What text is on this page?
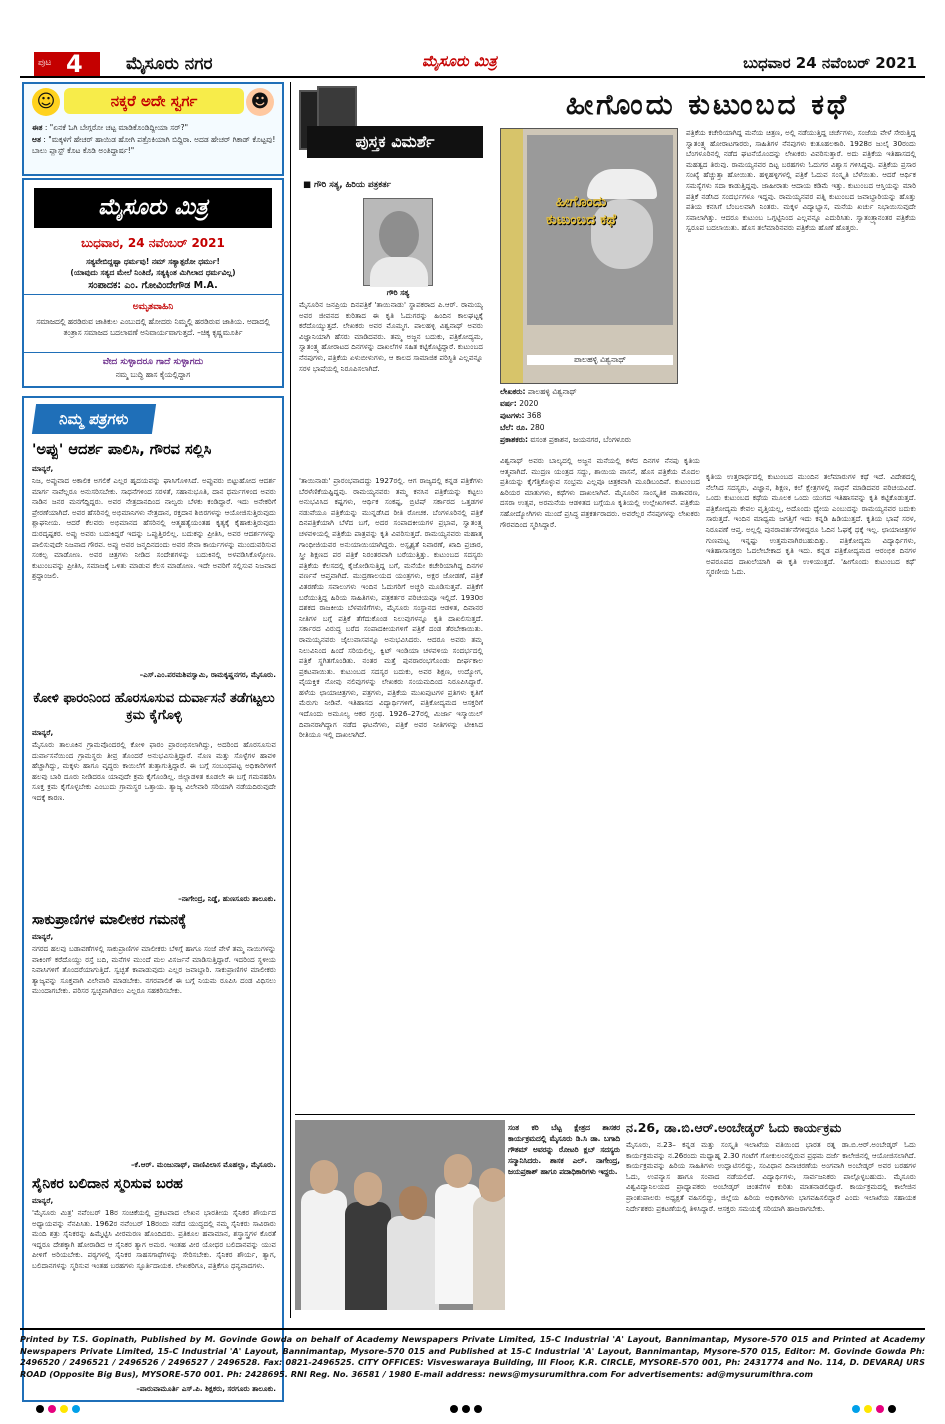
ಪುಟ 4	ಮೈಸೂರು ನಗರ	ಮೈಸೂರು ಮಿತ್ರ	ಬುಧವಾರ 24 ನವೆಂಬರ್ 2021
☺	☻
ನಕ್ಕರೆ ಅದೇ ಸ್ವರ್ಗ
ಈತ : "ಏನಕೆ ಓಗಿ ಬೇಗ್ಗರೋ ಚಟ್ಟ ಮಾಡಿಕೊಂಡಿದ್ದೀಯಾ ಸರ್?"
ಆತ : "ಮಕ್ಕಳಿಗೆ ಹೇಚರ್ ಹಾಯಿಡ ಹೋಗಿ ಪತ್ರೊಕಿಯಾಗಿ ಬಿದ್ದಿರಾ. ಅದಡ ಹೇಚರ್ ಗಿಕಾಡ್ ಕೊಟ್ಟವು! ಬಾಲು ಪ್ಲಾಸ್ಟ್ ಕೊಟ ಕೊಡಿ ಅಂತಿದ್ದಾರ್ಷ!"
ಮೈಸೂರು ಮಿತ್ರ
ಬುಧವಾರ, 24 ನವೆಂಬರ್ 2021
ಸತ್ಯವೇಬಿದ್ದಷ್ಟಾ ಧರ್ಮವು! ನಮ್ ಸತ್ಯಾತ್ಪರೋ ಧರ್ಮು!
(ಯಾವುದು ಸತ್ಯದ ಮೇಲೆ ನಿಂತಿದೆ, ಸತ್ಯಕ್ಕಿಂತ ಮಿಗಿಲಾದ ಧರ್ಮವಿಲ್ಲ)
ಸಂಪಾದಕ: ಎಂ. ಗೋವಿಂದೇಗೌಡ M.A.
ಅಮೃತವಾಹಿನಿ
ಸಮಾಜದಲ್ಲಿ ಹರಡಿರುವ ಜಾತಿಕುಲ ಎಂಬುದಲ್ಲಿ ಹೋದರು ನಿಮ್ಮಲ್ಲಿ ಹರಡಿರುವ ಜಾತಿಯ. ಅದಾದಲ್ಲಿ ತಂತ್ರಾಸ ಸಮಾಜದ ಬದಲಾವಣೆ ಅನಿವಾರ್ಯವಾಗುತ್ತದೆ. –ಚಿಕ್ಕ ಕೃಷ್ಣಮೂರ್ತಿ
ವೇದ ಸುಳ್ಳಾದರೂ ಗಾದೆ ಸುಳ್ಳಾಗದು
ನಮ್ಮ ಬುದ್ಧಿ ಹಾಸ ಕೈಯಲ್ಲಿದ್ದಾಗ
ನಿಮ್ಮ ಪತ್ರಗಳು
'ಅಪ್ಪು' ಆದರ್ಶ ಪಾಲಿಸಿ, ಗೌರವ ಸಲ್ಲಿಸಿ
ಮಾನ್ಯರೆ,
ನಿಜ, ಅಪ್ಪುವಾದ ಅಕಾಲಿಕ ಅಗಲಿಕೆ ಎಲ್ಲರ ಹೃದಯವನ್ನು ಘಾಸಿಗೊಳಿಸಿದೆ. ಅಪ್ಪುವರು ಬಿಟ್ಟುಹೋದ ಆದರ್ಶ ಮಾರ್ಗ ನಾವೆಲ್ಲರೂ ಅನುಸರಿಸಬೇಕು. ಸಾಧನೆಗಳಿಂದ ಸರಳತೆ, ಸಹಾನುಭೂತಿ, ದಾನ ಧರ್ಮಗಳಿಂದ ಅವರು ನಾಡಿನ ಜನರ ಮನಗೆದ್ದಿದ್ದರು. ಅವರ ನೇತ್ರದಾನದಿಂದ ನಾಲ್ವರು ಬೆಳಕು ಕಂಡಿದ್ದಾರೆ. ಇದು ಅನೇಕರಿಗೆ ಪ್ರೇರಣೆಯಾಗಿದೆ. ಅವರ ಹೆಸರಿನಲ್ಲಿ ಅಭಿಮಾನಿಗಳು ನೇತ್ರದಾನ, ರಕ್ತದಾನ ಶಿಬಿರಗಳನ್ನು ಆಯೋಜಿಸುತ್ತಿರುವುದು ಶ್ಲಾಘನೀಯ. ಆದರೆ ಕೆಲವರು ಅಭಿಮಾನದ ಹೆಸರಿನಲ್ಲಿ ಆತ್ಮಹತ್ಯೆಯಂತಹ ಕೃತ್ಯಕ್ಕೆ ಕೈಹಾಕುತ್ತಿರುವುದು ದುರದೃಷ್ಟಕರ. ಅಪ್ಪು ಅವರು ಬದುಕಿದ್ದರೆ ಇದನ್ನು ಒಪ್ಪುತ್ತಿರಲಿಲ್ಲ. ಬದುಕನ್ನು ಪ್ರೀತಿಸಿ, ಅವರ ಆದರ್ಶಗಳನ್ನು ಪಾಲಿಸುವುದೇ ನಿಜವಾದ ಗೌರವ. ಅಪ್ಪು ಅವರ ಜನ್ಮದಿನದಂದು ಅವರ ಸೇವಾ ಕಾರ್ಯಗಳನ್ನು ಮುಂದುವರಿಸುವ ಸಂಕಲ್ಪ ಮಾಡೋಣ. ಅವರ ಚಿತ್ರಗಳು ನೀಡಿದ ಸಂದೇಶಗಳನ್ನು ಬದುಕಿನಲ್ಲಿ ಅಳವಡಿಸಿಕೊಳ್ಳೋಣ. ಕುಟುಂಬವನ್ನು ಪ್ರೀತಿಸಿ, ಸಮಾಜಕ್ಕೆ ಒಳಿತು ಮಾಡುವ ಕೆಲಸ ಮಾಡೋಣ. ಇದೇ ಅವರಿಗೆ ಸಲ್ಲಿಸುವ ನಿಜವಾದ ಶ್ರದ್ಧಾಂಜಲಿ.
–ಎಸ್.ಎಂ.ಪರಮಶಿವಸ್ವಾಮಿ, ರಾಮಕೃಷ್ಣನಗರ, ಮೈಸೂರು.
ಕೋಳಿ ಫಾರಂನಿಂದ ಹೊರಸೂಸುವ ದುರ್ವಾಸನೆ ತಡೆಗಟ್ಟಲು ಕ್ರಮ ಕೈಗೊಳ್ಳಿ
ಮಾನ್ಯರೆ,
ಮೈಸೂರು ತಾಲೂಕಿನ ಗ್ರಾಮವೊಂದರಲ್ಲಿ ಕೋಳಿ ಫಾರಂ ಪ್ರಾರಂಭಿಸಲಾಗಿದ್ದು, ಅದರಿಂದ ಹೊರಸೂಸುವ ದುರ್ವಾಸನೆಯಿಂದ ಗ್ರಾಮಸ್ಥರು ತೀವ್ರ ತೊಂದರೆ ಅನುಭವಿಸುತ್ತಿದ್ದಾರೆ. ನೊಣ ಮತ್ತು ಸೊಳ್ಳೆಗಳ ಹಾವಳಿ ಹೆಚ್ಚಾಗಿದ್ದು, ಮಕ್ಕಳು ಹಾಗೂ ವೃದ್ಧರು ಕಾಯಿಲೆಗೆ ತುತ್ತಾಗುತ್ತಿದ್ದಾರೆ. ಈ ಬಗ್ಗೆ ಸಂಬಂಧಪಟ್ಟ ಅಧಿಕಾರಿಗಳಿಗೆ ಹಲವು ಬಾರಿ ದೂರು ನೀಡಿದರೂ ಯಾವುದೇ ಕ್ರಮ ಕೈಗೊಂಡಿಲ್ಲ. ಜಿಲ್ಲಾಡಳಿತ ಕೂಡಲೇ ಈ ಬಗ್ಗೆ ಗಮನಹರಿಸಿ ಸೂಕ್ತ ಕ್ರಮ ಕೈಗೊಳ್ಳಬೇಕು ಎಂಬುದು ಗ್ರಾಮಸ್ಥರ ಒತ್ತಾಯ. ತ್ಯಾಜ್ಯ ವಿಲೇವಾರಿ ಸರಿಯಾಗಿ ನಡೆಯದಿರುವುದೇ ಇದಕ್ಕೆ ಕಾರಣ.
–ನಾಗೇಂದ್ರ, ನಿಡ್ಡೆ, ಹುಣಸೂರು ತಾಲೂಕು.
ಸಾಕುಪ್ರಾಣಿಗಳ ಮಾಲೀಕರ ಗಮನಕ್ಕೆ
ಮಾನ್ಯರೆ,
ನಗರದ ಹಲವು ಬಡಾವಣೆಗಳಲ್ಲಿ ಸಾಕುಪ್ರಾಣಿಗಳ ಮಾಲೀಕರು ಬೆಳಿಗ್ಗೆ ಹಾಗೂ ಸಂಜೆ ವೇಳೆ ತಮ್ಮ ನಾಯಿಗಳನ್ನು ವಾಕಿಂಗ್ ಕರೆದೊಯ್ದು ರಸ್ತೆ ಬದಿ, ಮನೆಗಳ ಮುಂದೆ ಮಲ ವಿಸರ್ಜನೆ ಮಾಡಿಸುತ್ತಿದ್ದಾರೆ. ಇದರಿಂದ ಸ್ಥಳೀಯ ನಿವಾಸಿಗಳಿಗೆ ತೊಂದರೆಯಾಗುತ್ತಿದೆ. ಸ್ವಚ್ಛತೆ ಕಾಪಾಡುವುದು ಎಲ್ಲರ ಜವಾಬ್ದಾರಿ. ಸಾಕುಪ್ರಾಣಿಗಳ ಮಾಲೀಕರು ತ್ಯಾಜ್ಯವನ್ನು ಸೂಕ್ತವಾಗಿ ವಿಲೇವಾರಿ ಮಾಡಬೇಕು. ನಗರಪಾಲಿಕೆ ಈ ಬಗ್ಗೆ ನಿಯಮ ರೂಪಿಸಿ ದಂಡ ವಿಧಿಸಲು ಮುಂದಾಗಬೇಕು. ಪರಿಸರ ಸ್ವಚ್ಛವಾಗಿಡಲು ಎಲ್ಲರೂ ಸಹಕರಿಸಬೇಕು.
–ಕೆ.ಆರ್. ಮಂಜುನಾಥ್, ವಾಣಿವಿಲಾಸ ಮೊಹಲ್ಲಾ, ಮೈಸೂರು.
ಸೈನಿಕರ ಬಲಿದಾನ ಸ್ಮರಿಸುವ ಬರಹ
ಮಾನ್ಯರೆ,
'ಮೈಸೂರು ಮಿತ್ರ' ನವೆಂಬರ್ 18ರ ಸಂಚಿಕೆಯಲ್ಲಿ ಪ್ರಕಟವಾದ ಲೇಖನ ಭಾರತೀಯ ಸೈನಿಕರ ಶೌರ್ಯದ ಅಧ್ಯಾಯವನ್ನು ನೆನಪಿಸಿತು. 1962ರ ನವೆಂಬರ್ 18ರಂದು ನಡೆದ ಯುದ್ಧದಲ್ಲಿ ನಮ್ಮ ಸೈನಿಕರು ಸಾವಿರಾರು ಮಂದಿ ಶತ್ರು ಸೈನಿಕರನ್ನು ಹಿಮ್ಮೆಟ್ಟಿಸಿ ವೀರಮರಣ ಹೊಂದಿದರು. ಪ್ರತಿಕೂಲ ಹವಾಮಾನ, ಶಸ್ತ್ರಾಸ್ತ್ರಗಳ ಕೊರತೆ ಇದ್ದರೂ ದೇಶಕ್ಕಾಗಿ ಹೋರಾಡಿದ ಆ ಸೈನಿಕರ ತ್ಯಾಗ ಅಮರ. ಇಂತಹ ವೀರ ಯೋಧರ ಬಲಿದಾನವನ್ನು ಯುವ ಪೀಳಿಗೆ ಅರಿಯಬೇಕು. ಪಠ್ಯಗಳಲ್ಲಿ ಸೈನಿಕರ ಸಾಹಸಗಾಥೆಗಳನ್ನು ಸೇರಿಸಬೇಕು. ಸೈನಿಕರ ಶೌರ್ಯ, ತ್ಯಾಗ, ಬಲಿದಾನಗಳನ್ನು ಸ್ಮರಿಸುವ ಇಂತಹ ಬರಹಗಳು ಸ್ಫೂರ್ತಿದಾಯಕ. ಲೇಖಕರಿಗೂ, ಪತ್ರಿಕೆಗೂ ಧನ್ಯವಾದಗಳು.
–ಪಾರುವಾಮೂರ್ತಿ ಎಸ್.ಪಿ. ಶಿಕ್ಷಕರು, ಸರಗೂರು ತಾಲೂಕು.
ಪುಸ್ತಕ ವಿಮರ್ಶೆ
■ ಗೌರಿ ಸತ್ಯ, ಹಿರಿಯ ಪತ್ರಕರ್ತ
ಗೌರಿ ಸತ್ಯ
ಮೈಸೂರಿನ ಜನಪ್ರಿಯ ದಿನಪತ್ರಿಕೆ 'ತಾಯಿನಾಡು' ಸ್ಥಾಪಕರಾದ ಪಿ.ಆರ್. ರಾಮಯ್ಯ ಅವರ ಜೀವನದ ಕುರಿತಾದ ಈ ಕೃತಿ ಓದುಗರನ್ನು ಹಿಂದಿನ ಕಾಲಘಟ್ಟಕ್ಕೆ ಕರೆದೊಯ್ಯುತ್ತದೆ. ಲೇಖಕರು ಅವರ ಮೊಮ್ಮಗ. ಪಾಲಹಳ್ಳಿ ವಿಶ್ವನಾಥ್ ಅವರು ವಿಜ್ಞಾನಿಯಾಗಿ ಹೆಸರು ಮಾಡಿದವರು. ತಮ್ಮ ಅಜ್ಜನ ಬದುಕು, ಪತ್ರಿಕೋದ್ಯಮ, ಸ್ವಾತಂತ್ರ್ಯ ಹೋರಾಟದ ದಿನಗಳನ್ನು ದಾಖಲೆಗಳ ಸಹಿತ ಕಟ್ಟಿಕೊಟ್ಟಿದ್ದಾರೆ. ಕುಟುಂಬದ ನೆನಪುಗಳು, ಪತ್ರಿಕೆಯ ಏಳುಬೀಳುಗಳು, ಆ ಕಾಲದ ಸಾಮಾಜಿಕ ಪರಿಸ್ಥಿತಿ ಎಲ್ಲವನ್ನೂ ಸರಳ ಭಾಷೆಯಲ್ಲಿ ನಿರೂಪಿಸಲಾಗಿದೆ.
'ತಾಯಿನಾಡು' ಪ್ರಾರಂಭವಾದದ್ದು 1927ರಲ್ಲಿ. ಆಗ ರಾಜ್ಯದಲ್ಲಿ ಕನ್ನಡ ಪತ್ರಿಕೆಗಳು ಬೆರಳೆಣಿಕೆಯಷ್ಟಿದ್ದವು. ರಾಮಯ್ಯನವರು ತಮ್ಮ ಕನಸಿನ ಪತ್ರಿಕೆಯನ್ನು ಕಟ್ಟಲು ಅನುಭವಿಸಿದ ಕಷ್ಟಗಳು, ಆರ್ಥಿಕ ಸಂಕಷ್ಟ, ಬ್ರಿಟಿಷ್ ಸರ್ಕಾರದ ಒತ್ತಡಗಳ ನಡುವೆಯೂ ಪತ್ರಿಕೆಯನ್ನು ಮುನ್ನಡೆಸಿದ ರೀತಿ ರೋಚಕ. ಬೆಂಗಳೂರಿನಲ್ಲಿ ಪತ್ರಿಕೆ ದಿನಪತ್ರಿಕೆಯಾಗಿ ಬೆಳೆದ ಬಗೆ, ಅದರ ಸಂಪಾದಕೀಯಗಳ ಪ್ರಭಾವ, ಸ್ವಾತಂತ್ರ್ಯ ಚಳವಳಿಯಲ್ಲಿ ಪತ್ರಿಕೆಯ ಪಾತ್ರವನ್ನು ಕೃತಿ ವಿವರಿಸುತ್ತದೆ. ರಾಮಯ್ಯನವರು ಮಹಾತ್ಮ ಗಾಂಧೀಜಿಯವರ ಅನುಯಾಯಿಯಾಗಿದ್ದರು. ಅಸ್ಪೃಶ್ಯತೆ ನಿವಾರಣೆ, ಖಾದಿ ಪ್ರಚಾರ, ಸ್ತ್ರೀ ಶಿಕ್ಷಣದ ಪರ ಪತ್ರಿಕೆ ನಿರಂತರವಾಗಿ ಬರೆಯುತ್ತಿತ್ತು. ಕುಟುಂಬದ ಸದಸ್ಯರು ಪತ್ರಿಕೆಯ ಕೆಲಸದಲ್ಲಿ ಕೈಜೋಡಿಸುತ್ತಿದ್ದ ಬಗೆ, ಮನೆಯೇ ಕಚೇರಿಯಾಗಿದ್ದ ದಿನಗಳ ವರ್ಣನೆ ಆಪ್ತವಾಗಿದೆ. ಮುದ್ರಣಾಲಯದ ಯಂತ್ರಗಳು, ಅಕ್ಷರ ಜೋಡಣೆ, ಪತ್ರಿಕೆ ವಿತರಣೆಯ ಸವಾಲುಗಳು ಇಂದಿನ ಓದುಗರಿಗೆ ಅಚ್ಚರಿ ಮೂಡಿಸುತ್ತವೆ. ಪತ್ರಿಕೆಗೆ ಬರೆಯುತ್ತಿದ್ದ ಹಿರಿಯ ಸಾಹಿತಿಗಳು, ಪತ್ರಕರ್ತರ ಪರಿಚಯವೂ ಇಲ್ಲಿದೆ. 1930ರ ದಶಕದ ರಾಜಕೀಯ ಬೆಳವಣಿಗೆಗಳು, ಮೈಸೂರು ಸಂಸ್ಥಾನದ ಆಡಳಿತ, ದಿವಾನರ ನೀತಿಗಳ ಬಗ್ಗೆ ಪತ್ರಿಕೆ ತೆಗೆದುಕೊಂಡ ನಿಲುವುಗಳನ್ನೂ ಕೃತಿ ದಾಖಲಿಸುತ್ತದೆ. ಸರ್ಕಾರದ ವಿರುದ್ಧ ಬರೆದ ಸಂಪಾದಕೀಯಗಳಿಗೆ ಪತ್ರಿಕೆ ದಂಡ ತೆರಬೇಕಾಯಿತು. ರಾಮಯ್ಯನವರು ಜೈಲುವಾಸವನ್ನೂ ಅನುಭವಿಸಿದರು. ಆದರೂ ಅವರು ತಮ್ಮ ನಿಲುವಿನಿಂದ ಹಿಂದೆ ಸರಿಯಲಿಲ್ಲ. ಕ್ವಿಟ್ ಇಂಡಿಯಾ ಚಳವಳಿಯ ಸಂದರ್ಭದಲ್ಲಿ ಪತ್ರಿಕೆ ಸ್ಥಗಿತಗೊಂಡಿತು. ನಂತರ ಮತ್ತೆ ಪುನರಾರಂಭಗೊಂಡು ದೀರ್ಘಕಾಲ ಪ್ರಕಟವಾಯಿತು. ಕುಟುಂಬದ ಸದಸ್ಯರ ಬದುಕು, ಅವರ ಶಿಕ್ಷಣ, ಉದ್ಯೋಗ, ವೈಯಕ್ತಿಕ ನೋವು ನಲಿವುಗಳನ್ನು ಲೇಖಕರು ಸಂಯಮದಿಂದ ನಿರೂಪಿಸಿದ್ದಾರೆ. ಹಳೆಯ ಛಾಯಾಚಿತ್ರಗಳು, ಪತ್ರಗಳು, ಪತ್ರಿಕೆಯ ಮುಖಪುಟಗಳ ಪ್ರತಿಗಳು ಕೃತಿಗೆ ಮೆರುಗು ನೀಡಿವೆ. ಇತಿಹಾಸದ ವಿದ್ಯಾರ್ಥಿಗಳಿಗೆ, ಪತ್ರಿಕೋದ್ಯಮದ ಆಸಕ್ತರಿಗೆ ಇದೊಂದು ಅಮೂಲ್ಯ ಆಕರ ಗ್ರಂಥ. 1926–27ರಲ್ಲಿ ಮಿರ್ಜಾ ಇಸ್ಮಾಯಿಲ್ ದಿವಾನರಾಗಿದ್ದಾಗ ನಡೆದ ಘಟನೆಗಳು, ಪತ್ರಿಕೆ ಅವರ ನೀತಿಗಳನ್ನು ಟೀಕಿಸಿದ ರೀತಿಯೂ ಇಲ್ಲಿ ದಾಖಲಾಗಿದೆ.
ಹೀಗೊಂದು ಕುಟುಂಬದ ಕಥೆ
ಹೀಗೊಂದು ಕುಟುಂಬದ ಕಥೆ
ಪಾಲಹಳ್ಳಿ ವಿಶ್ವನಾಥ್
ಲೇಖಕರು: ಪಾಲಹಳ್ಳಿ ವಿಶ್ವನಾಥ್
ವರ್ಷ: 2020
ಪುಟಗಳು: 368
ಬೆಲೆ: ರೂ. 280
ಪ್ರಕಾಶಕರು: ವಸಂತ ಪ್ರಕಾಶನ, ಜಯನಗರ, ಬೆಂಗಳೂರು
ಪತ್ರಿಕೆಯ ಕಚೇರಿಯಾಗಿದ್ದ ಮನೆಯ ಚಿತ್ರಣ, ಅಲ್ಲಿ ನಡೆಯುತ್ತಿದ್ದ ಚರ್ಚೆಗಳು, ಸಂಜೆಯ ವೇಳೆ ಸೇರುತ್ತಿದ್ದ ಸ್ವಾತಂತ್ರ್ಯ ಹೋರಾಟಗಾರರು, ಸಾಹಿತಿಗಳ ನೆನಪುಗಳು ಕುತೂಹಲಕಾರಿ. 1928ರ ಜುಲೈ 30ರಂದು ಬೆಂಗಳೂರಿನಲ್ಲಿ ನಡೆದ ಘಟನೆಯೊಂದನ್ನು ಲೇಖಕರು ವಿವರಿಸುತ್ತಾರೆ. ಅದು ಪತ್ರಿಕೆಯ ಇತಿಹಾಸದಲ್ಲಿ ಮಹತ್ವದ ತಿರುವು. ರಾಮಯ್ಯನವರ ದಿಟ್ಟ ಬರಹಗಳು ಓದುಗರ ವಿಶ್ವಾಸ ಗಳಿಸಿದ್ದವು. ಪತ್ರಿಕೆಯ ಪ್ರಸಾರ ಸಂಖ್ಯೆ ಹೆಚ್ಚುತ್ತಾ ಹೋಯಿತು. ಹಳ್ಳಿಹಳ್ಳಿಗಳಲ್ಲಿ ಪತ್ರಿಕೆ ಓದುವ ಸಂಸ್ಕೃತಿ ಬೆಳೆಯಿತು. ಆದರೆ ಆರ್ಥಿಕ ಸಮಸ್ಯೆಗಳು ಸದಾ ಕಾಡುತ್ತಿದ್ದವು. ಜಾಹೀರಾತು ಆದಾಯ ಕಡಿಮೆ ಇತ್ತು. ಕುಟುಂಬದ ಆಸ್ತಿಯನ್ನು ಮಾರಿ ಪತ್ರಿಕೆ ನಡೆಸಿದ ಸಂದರ್ಭಗಳೂ ಇದ್ದವು. ರಾಮಯ್ಯನವರ ಪತ್ನಿ ಕುಟುಂಬದ ಜವಾಬ್ದಾರಿಯನ್ನು ಹೊತ್ತು ಪತಿಯ ಕನಸಿಗೆ ಬೆಂಬಲವಾಗಿ ನಿಂತರು. ಮಕ್ಕಳ ವಿದ್ಯಾಭ್ಯಾಸ, ಮನೆಯ ಖರ್ಚು ನಿಭಾಯಿಸುವುದೇ ಸವಾಲಾಗಿತ್ತು. ಆದರೂ ಕುಟುಂಬ ಒಗ್ಗಟ್ಟಿನಿಂದ ಎಲ್ಲವನ್ನೂ ಎದುರಿಸಿತು. ಸ್ವಾತಂತ್ರ್ಯಾನಂತರ ಪತ್ರಿಕೆಯ ಸ್ವರೂಪ ಬದಲಾಯಿತು. ಹೊಸ ತಲೆಮಾರಿನವರು ಪತ್ರಿಕೆಯ ಹೊಣೆ ಹೊತ್ತರು.
ವಿಶ್ವನಾಥ್ ಅವರು ಬಾಲ್ಯದಲ್ಲಿ ಅಜ್ಜನ ಮನೆಯಲ್ಲಿ ಕಳೆದ ದಿನಗಳ ನೆನಪು ಕೃತಿಯ ಆತ್ಮವಾಗಿದೆ. ಮುದ್ರಣ ಯಂತ್ರದ ಸದ್ದು, ಶಾಯಿಯ ವಾಸನೆ, ಹೊಸ ಪತ್ರಿಕೆಯ ಮೊದಲ ಪ್ರತಿಯನ್ನು ಕೈಗೆತ್ತಿಕೊಳ್ಳುವ ಸಂಭ್ರಮ ಎಲ್ಲವೂ ಚಿತ್ರಕವಾಗಿ ಮೂಡಿಬಂದಿವೆ. ಕುಟುಂಬದ ಹಿರಿಯರ ಮಾತುಗಳು, ಕಥೆಗಳು ದಾಖಲಾಗಿವೆ. ಮೈಸೂರಿನ ಸಾಂಸ್ಕೃತಿಕ ವಾತಾವರಣ, ದಸರಾ ಉತ್ಸವ, ಅರಮನೆಯ ಆಡಳಿತದ ಬಗ್ಗೆಯೂ ಕೃತಿಯಲ್ಲಿ ಉಲ್ಲೇಖಗಳಿವೆ. ಪತ್ರಿಕೆಯ ಸಹೋದ್ಯೋಗಿಗಳು ಮುಂದೆ ಪ್ರಸಿದ್ಧ ಪತ್ರಕರ್ತರಾದರು. ಅವರೆಲ್ಲರ ನೆನಪುಗಳನ್ನು ಲೇಖಕರು ಗೌರವದಿಂದ ಸ್ಮರಿಸಿದ್ದಾರೆ.
ಕೃತಿಯ ಉತ್ತರಾರ್ಧದಲ್ಲಿ ಕುಟುಂಬದ ಮುಂದಿನ ತಲೆಮಾರುಗಳ ಕಥೆ ಇದೆ. ವಿದೇಶದಲ್ಲಿ ನೆಲೆಸಿದ ಸದಸ್ಯರು, ವಿಜ್ಞಾನ, ಶಿಕ್ಷಣ, ಕಲೆ ಕ್ಷೇತ್ರಗಳಲ್ಲಿ ಸಾಧನೆ ಮಾಡಿದವರ ಪರಿಚಯವಿದೆ. ಒಂದು ಕುಟುಂಬದ ಕಥೆಯ ಮೂಲಕ ಒಂದು ಯುಗದ ಇತಿಹಾಸವನ್ನು ಕೃತಿ ಕಟ್ಟಿಕೊಡುತ್ತದೆ. ಪತ್ರಿಕೋದ್ಯಮ ಕೇವಲ ವೃತ್ತಿಯಲ್ಲ, ಅದೊಂದು ಧ್ಯೇಯ ಎಂಬುದನ್ನು ರಾಮಯ್ಯನವರ ಬದುಕು ಸಾರುತ್ತದೆ. ಇಂದಿನ ಮಾಧ್ಯಮ ಜಗತ್ತಿಗೆ ಇದು ಕನ್ನಡಿ ಹಿಡಿಯುತ್ತದೆ. ಕೃತಿಯ ಭಾಷೆ ಸರಳ, ನಿರೂಪಣೆ ಆಪ್ತ. ಅಲ್ಲಲ್ಲಿ ಪುನರಾವರ್ತನೆಗಳಿದ್ದರೂ ಓದಿನ ಓಘಕ್ಕೆ ಧಕ್ಕೆ ಇಲ್ಲ. ಛಾಯಾಚಿತ್ರಗಳ ಗುಣಮಟ್ಟ ಇನ್ನಷ್ಟು ಉತ್ತಮವಾಗಿರಬಹುದಿತ್ತು. ಪತ್ರಿಕೋದ್ಯಮ ವಿದ್ಯಾರ್ಥಿಗಳು, ಇತಿಹಾಸಾಸಕ್ತರು ಓದಲೇಬೇಕಾದ ಕೃತಿ ಇದು. ಕನ್ನಡ ಪತ್ರಿಕೋದ್ಯಮದ ಆರಂಭಿಕ ದಿನಗಳ ಅಪರೂಪದ ದಾಖಲೆಯಾಗಿ ಈ ಕೃತಿ ಉಳಿಯುತ್ತದೆ. 'ಹೀಗೊಂದು ಕುಟುಂಬದ ಕಥೆ' ಸ್ಮರಣೀಯ ಓದು.
ಸಂತ ಕರಿ ಬೆಟ್ಟ ಕ್ಷೇತ್ರದ ಶಾಸಕರ ಕಾರ್ಯಕ್ರಮದಲ್ಲಿ ಮೈಸೂರು ಡಿ.ಸಿ ಡಾ. ಬಗಾದಿ ಗೌತಮ್ ಅವರನ್ನು ರೋಟರಿ ಕ್ಲಬ್ ಸದಸ್ಯರು ಸನ್ಮಾನಿಸಿದರು. ಶಾಸಕ ಎಲ್. ನಾಗೇಂದ್ರ, ಜಯಪ್ರಕಾಶ್ ಹಾಗೂ ಪದಾಧಿಕಾರಿಗಳು ಇದ್ದರು.
ನ.26, ಡಾ.ಬಿ.ಆರ್.ಅಂಬೇಡ್ಕರ್ ಓದು ಕಾರ್ಯಕ್ರಮ
ಮೈಸೂರು, ನ.23– ಕನ್ನಡ ಮತ್ತು ಸಂಸ್ಕೃತಿ ಇಲಾಖೆಯ ವತಿಯಿಂದ ಭಾರತ ರತ್ನ ಡಾ.ಬಿ.ಆರ್.ಅಂಬೇಡ್ಕರ್ ಓದು ಕಾರ್ಯಕ್ರಮವನ್ನು ನ.26ರಂದು ಮಧ್ಯಾಹ್ನ 2.30 ಗಂಟೆಗೆ ಗೋಕುಲಂನಲ್ಲಿರುವ ಪ್ರಥಮ ದರ್ಜೆ ಕಾಲೇಜಿನಲ್ಲಿ ಆಯೋಜಿಸಲಾಗಿದೆ. ಕಾರ್ಯಕ್ರಮವನ್ನು ಹಿರಿಯ ಸಾಹಿತಿಗಳು ಉದ್ಘಾಟಿಸಲಿದ್ದು, ಸಂವಿಧಾನ ದಿನಾಚರಣೆಯ ಅಂಗವಾಗಿ ಅಂಬೇಡ್ಕರ್ ಅವರ ಬರಹಗಳ ಓದು, ಉಪನ್ಯಾಸ ಹಾಗೂ ಸಂವಾದ ನಡೆಯಲಿದೆ. ವಿದ್ಯಾರ್ಥಿಗಳು, ಸಾರ್ವಜನಿಕರು ಪಾಲ್ಗೊಳ್ಳಬಹುದು. ಮೈಸೂರು ವಿಶ್ವವಿದ್ಯಾನಿಲಯದ ಪ್ರಾಧ್ಯಾಪಕರು ಅಂಬೇಡ್ಕರ್ ಚಿಂತನೆಗಳ ಕುರಿತು ಮಾತನಾಡಲಿದ್ದಾರೆ. ಕಾರ್ಯಕ್ರಮದಲ್ಲಿ ಕಾಲೇಜಿನ ಪ್ರಾಂಶುಪಾಲರು ಅಧ್ಯಕ್ಷತೆ ವಹಿಸಲಿದ್ದು, ಜಿಲ್ಲೆಯ ಹಿರಿಯ ಅಧಿಕಾರಿಗಳು ಭಾಗವಹಿಸಲಿದ್ದಾರೆ ಎಂದು ಇಲಾಖೆಯ ಸಹಾಯಕ ನಿರ್ದೇಶಕರು ಪ್ರಕಟಣೆಯಲ್ಲಿ ತಿಳಿಸಿದ್ದಾರೆ. ಆಸಕ್ತರು ಸಮಯಕ್ಕೆ ಸರಿಯಾಗಿ ಹಾಜರಾಗಬೇಕು.
Printed by T.S. Gopinath, Published by M. Govinde Gowda on behalf of Academy Newspapers Private Limited, 15-C Industrial 'A' Layout, Bannimantap, Mysore-570 015 and Printed at Academy Newspapers Private Limited, 15-C Industrial 'A' Layout, Bannimantap, Mysore-570 015 and Published at 15-C Industrial 'A' Layout, Bannimantap, Mysore-570 015, Editor: M. Govinde Gowda Ph: 2496520 / 2496521 / 2496526 / 2496527 / 2496528. Fax: 0821-2496525. CITY OFFICES: Visveswaraya Building, III Floor, K.R. CIRCLE, MYSORE-570 001, Ph: 2431774 and No. 114, D. DEVARAJ URS ROAD (Opposite Big Bus), MYSORE-570 001. Ph: 2428695. RNI Reg. No. 36581 / 1980 E-mail address: news@mysurumithra.com For advertisements: ad@mysurumithra.com
